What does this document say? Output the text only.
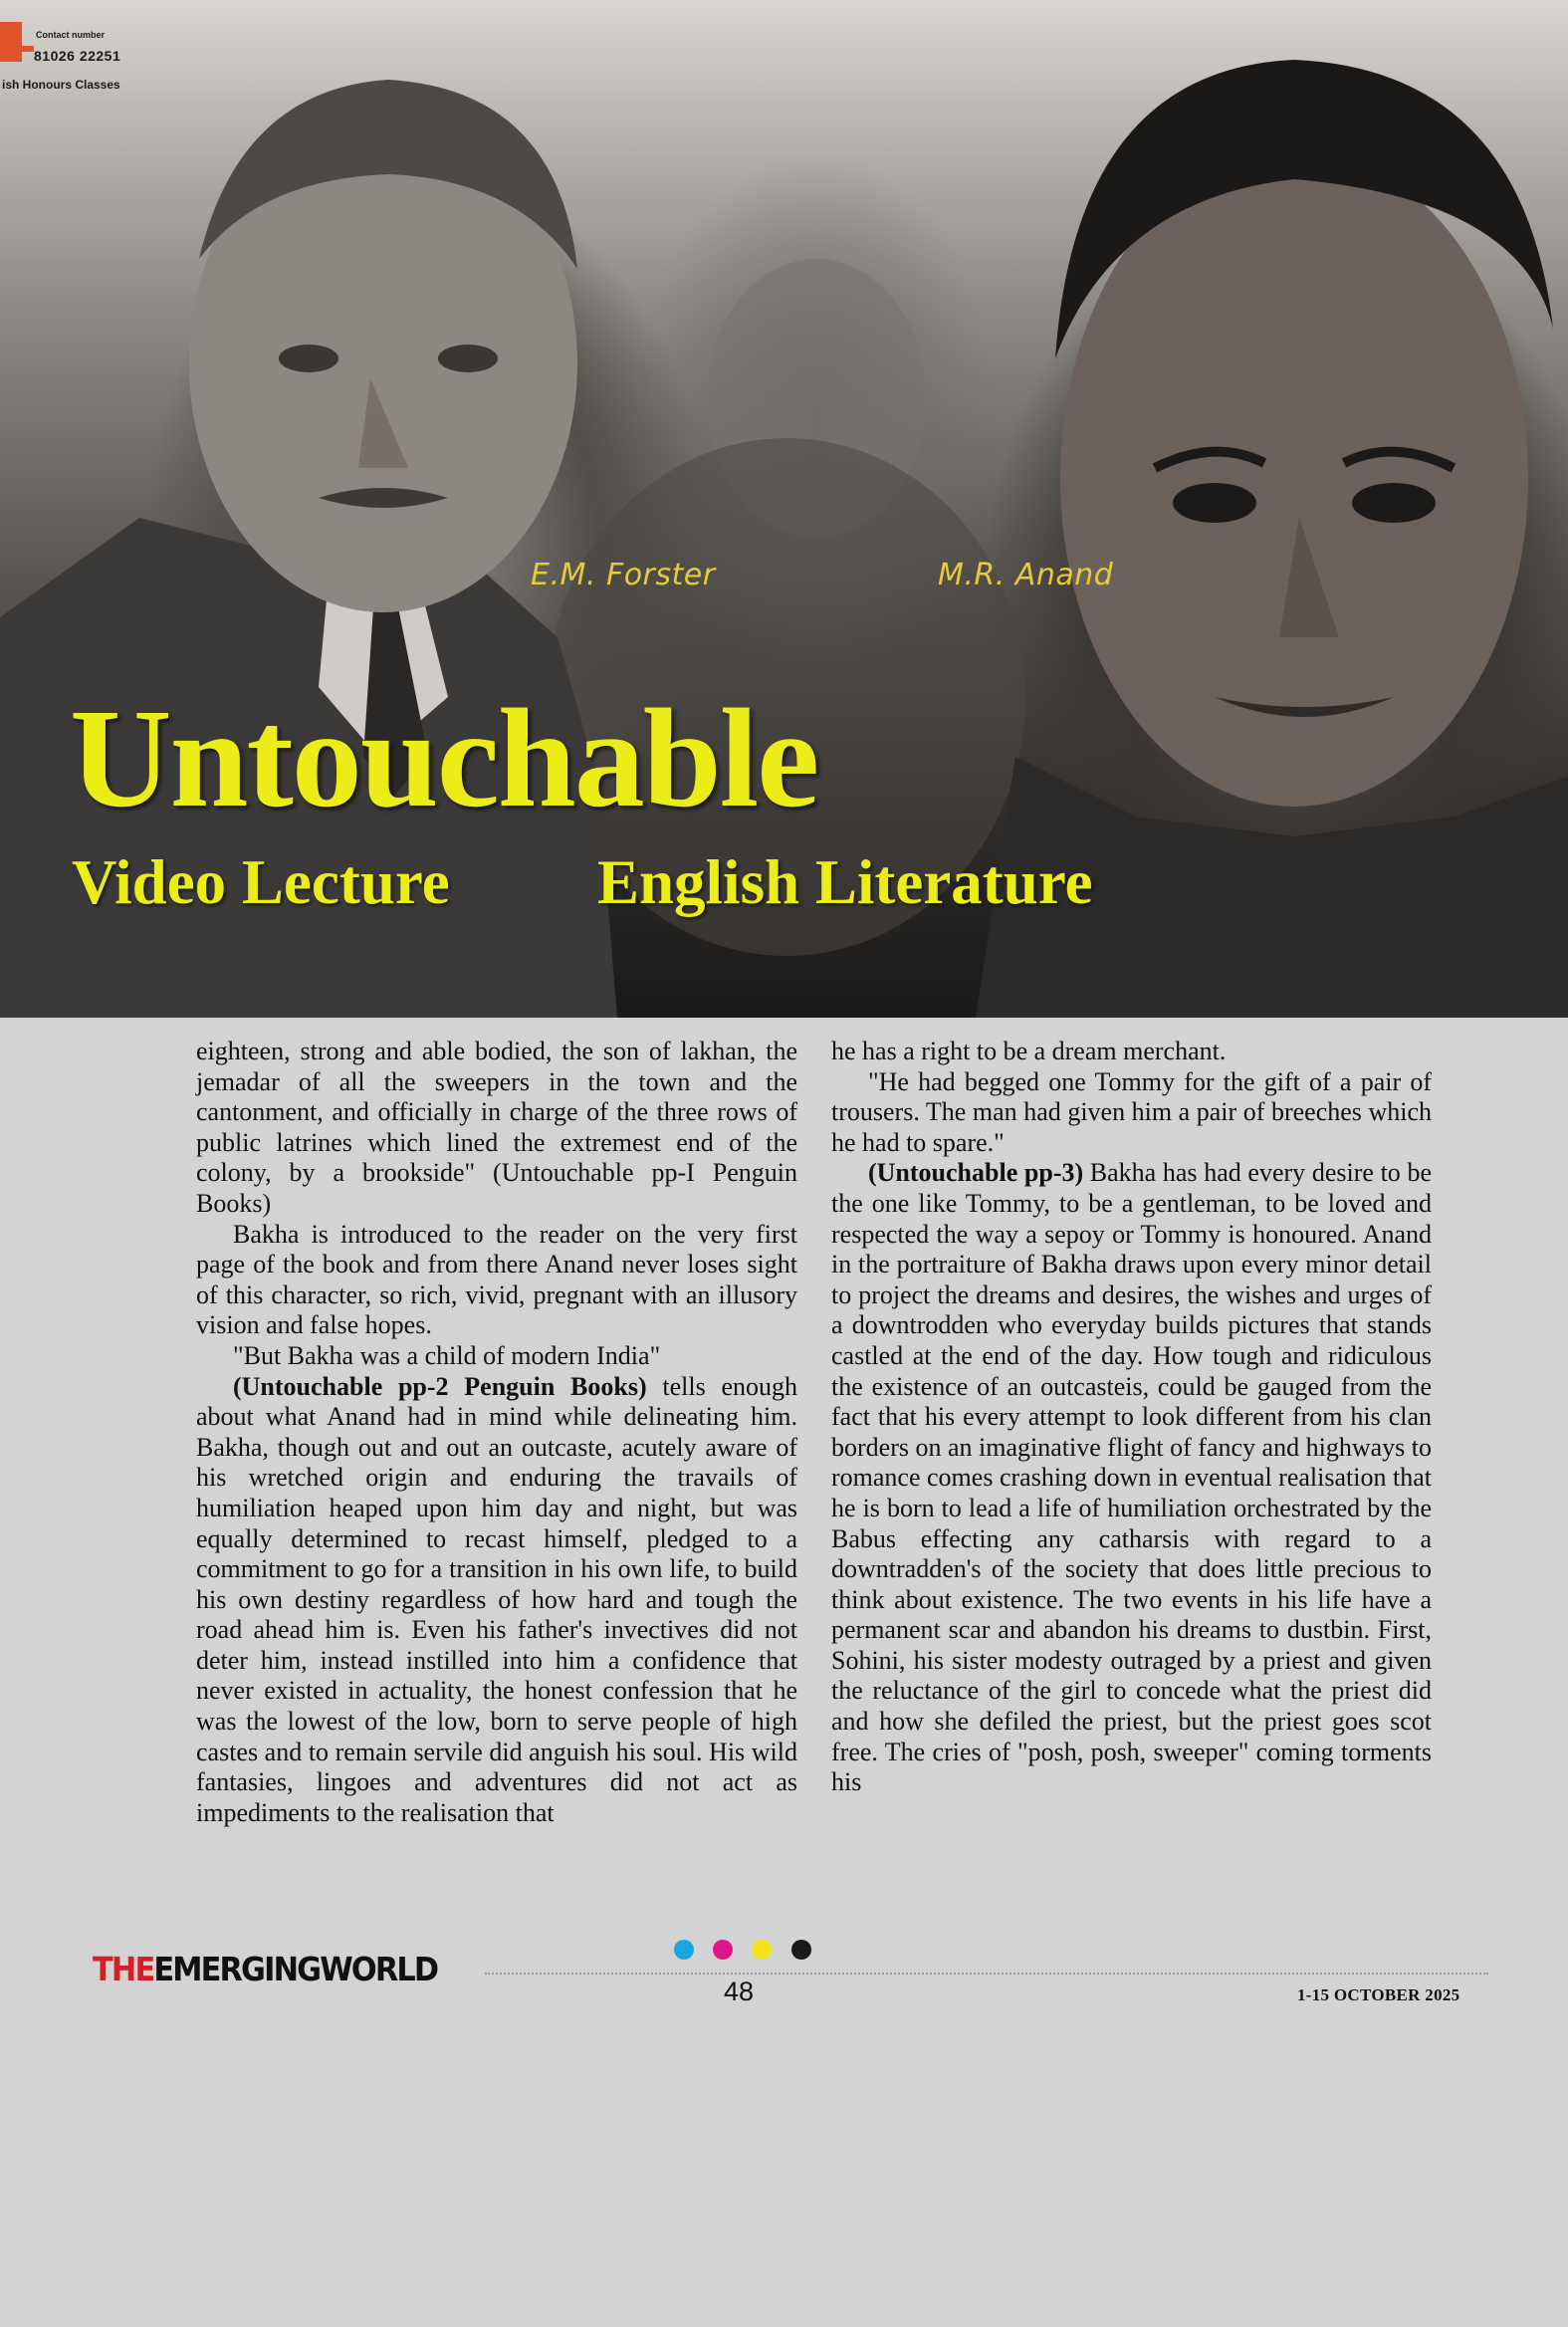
Contact number
81026 22251
ish Honours Classes
E.M. Forster	M.R. Anand
Untouchable
Video Lecture English Literature

eighteen, strong and able bodied, the son of lakhan, the jemadar of all the sweepers in the town and the cantonment, and officially in charge of the three rows of public latrines which lined the extremest end of the colony, by a brookside" (Untouchable pp-I Penguin Books)

Bakha is introduced to the reader on the very first page of the book and from there Anand never loses sight of this character, so rich, vivid, pregnant with an illusory vision and false hopes.

"But Bakha was a child of modern India"

(Untouchable pp-2 Penguin Books) tells enough about what Anand had in mind while delineating him. Bakha, though out and out an outcaste, acutely aware of his wretched origin and enduring the travails of humiliation heaped upon him day and night, but was equally determined to recast himself, pledged to a commitment to go for a transition in his own life, to build his own destiny regardless of how hard and tough the road ahead him is. Even his father's invectives did not deter him, instead instilled into him a confidence that never existed in actuality, the honest confession that he was the lowest of the low, born to serve people of high castes and to remain servile did anguish his soul. His wild fantasies, lingoes and adventures did not act as impediments to the realisation that

he has a right to be a dream merchant.

"He had begged one Tommy for the gift of a pair of trousers. The man had given him a pair of breeches which he had to spare."

(Untouchable pp-3) Bakha has had every desire to be the one like Tommy, to be a gentleman, to be loved and respected the way a sepoy or Tommy is honoured. Anand in the portraiture of Bakha draws upon every minor detail to project the dreams and desires, the wishes and urges of a downtrodden who everyday builds pictures that stands castled at the end of the day. How tough and ridiculous the existence of an outcasteis, could be gauged from the fact that his every attempt to look different from his clan borders on an imaginative flight of fancy and highways to romance comes crashing down in eventual realisation that he is born to lead a life of humiliation orchestrated by the Babus effecting any catharsis with regard to a downtradden's of the society that does little precious to think about existence. The two events in his life have a permanent scar and abandon his dreams to dustbin. First, Sohini, his sister modesty outraged by a priest and given the reluctance of the girl to concede what the priest did and how she defiled the priest, but the priest goes scot free. The cries of "posh, posh, sweeper" coming torments his

THEEMERGINGWORLD
48	1-15 OCTOBER 2025
